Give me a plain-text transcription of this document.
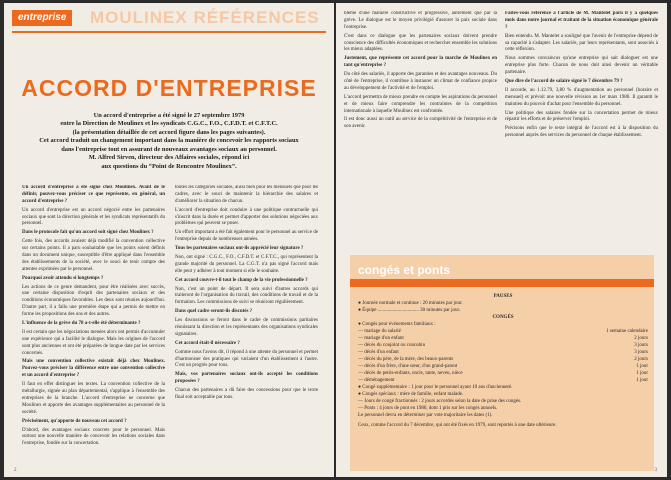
MOULINEX RÉFÉRENCES
entreprise
ACCORD D'ENTREPRISE

Un accord d'entreprise a été signé le 27 septembre 1979

entre la Direction de Moulinex et les syndicats C.G.C., F.O., C.F.D.T. et C.F.T.C.

(la présentation détaillée de cet accord figure dans les pages suivantes).

Cet accord traduit un changement important dans la manière de concevoir les rapports sociaux

dans l'entreprise tout en assurant de nouveaux avantages sociaux au personnel.

M. Alfred Sirven, directeur des Affaires sociales, répond ici

aux questions du “Point de Rencontre Moulinex”.

Un accord d'entreprise a été signé chez Moulinex. Avant de le définir, pouvez-vous préciser ce que représente, en général, un accord d'entreprise ?

Un accord d'entreprise est un accord négocié entre les partenaires sociaux que sont la direction générale et les syndicats représentatifs du personnel.

Dans le protocole fait qu'un accord soit signé chez Moulinex ?

Cette fois, des accords avaient déjà modifié la convention collective sur certains points. Il a paru souhaitable que les points soient définis dans un document unique, susceptible d'être appliqué dans l'ensemble des établissements de la société, avec le souci de tenir compte des attentes exprimées par le personnel.

Pourquoi avoir attendu si longtemps ?

Les actions de ce genre demandent, pour être réalisées avec succès, une certaine disposition d'esprit des partenaires sociaux et des conditions économiques favorables. Les deux sont réunies aujourd'hui. D'autre part, il a fallu une première étape qui a permis de mettre en forme les propositions des uns et des autres.

L'influence de la grève du 78 a-t-elle été déterminante ?

Il est certain que les négociations menées alors ont permis d'accumuler une expérience qui a facilité le dialogue. Mais les origines de l'accord sont plus anciennes et ont été préparées de longue date par les services concernés.

Mais une convention collective existait déjà chez Moulinex. Pouvez-vous préciser la différence entre une convention collective et un accord d'entreprise ?

Il faut en effet distinguer les textes. La convention collective de la métallurgie, signée au plan départemental, s'applique à l'ensemble des entreprises de la branche. L'accord d'entreprise ne concerne que Moulinex et apporte des avantages supplémentaires au personnel de la société.

Précisément, qu'apporte de nouveau cet accord ?

D'abord, des avantages sociaux concrets pour le personnel. Mais surtout une nouvelle manière de concevoir les relations sociales dans l'entreprise, fondée sur la concertation.

toutes les catégories sociales, aussi bien pour les mensuels que pour les cadres, avec le souci de maintenir la hiérarchie des salaires et d'améliorer la situation de chacun.

L'accord d'entreprise doit conduire à une politique contractuelle qui s'inscrit dans la durée et permet d'apporter des solutions négociées aux problèmes qui peuvent se poser.

Un effort important a été fait également pour le personnel au service de l'entreprise depuis de nombreuses années.

Tous les partenaires sociaux ont-ils apprécié leur signature ?

Non, ont signé : C.G.C., F.O., C.F.D.T. et C.F.T.C., qui représentent la grande majorité du personnel. La C.G.T. n'a pas signé l'accord mais elle peut y adhérer à tout moment si elle le souhaite.

Cet accord couvre-t-il tout le champ de la vie professionnelle ?

Non, c'est un point de départ. Il sera suivi d'autres accords qui traiteront de l'organisation du travail, des conditions de travail et de la formation. Les commissions de suivi se réuniront régulièrement.

Dans quel cadre seront-ils discutés ?

Les discussions se feront dans le cadre de commissions paritaires réunissant la direction et les représentants des organisations syndicales signataires.

Cet accord était-il nécessaire ?

Comme nous l'avons dit, il répond à une attente du personnel et permet d'harmoniser des pratiques qui variaient d'un établissement à l'autre. C'est un progrès pour tous.

Mais, vos partenaires sociaux ont-ils accepté les conditions proposées ?

Chacun des partenaires a dû faire des concessions pour que le texte final soit acceptable par tous.

2

blème d'une manière constructive et progressive, autrement que par la grève. Le dialogue est le moyen privilégié d'assurer la paix sociale dans l'entreprise.

C'est dans ce dialogue que les partenaires sociaux doivent prendre conscience des difficultés économiques et rechercher ensemble les solutions les mieux adaptées.

Justement, que représente cet accord pour la marche de Moulinex en tant qu'entreprise ?

Du côté des salariés, il apporte des garanties et des avantages nouveaux. Du côté de l'entreprise, il contribue à instaurer un climat de confiance propice au développement de l'activité et de l'emploi.

L'accord permettra de mieux prendre en compte les aspirations du personnel et de mieux faire comprendre les contraintes de la compétition internationale à laquelle Moulinex est confrontée.

Il est donc aussi un outil au service de la compétitivité de l'entreprise et de son avenir.

Faites-vous référence à l'article de M. Mantelet paru il y a quelques mois dans notre journal et traitant de la situation économique générale ?

Bien entendu. M. Mantelet a souligné que l'avenir de l'entreprise dépend de sa capacité à s'adapter. Les salariés, par leurs représentants, sont associés à cette réflexion.

Nous sommes convaincus qu'une entreprise qui sait dialoguer est une entreprise plus forte. Chacun de nous doit ainsi devenir un véritable partenaire.

Que dire de l'accord de salaire signé le 7 décembre 79 ?

Il accorde, au 1.12.79, 3,80 % d'augmentation au personnel (horaire et mensuel) et prévoit une nouvelle révision au 1er mars 1980. Il garantit le maintien du pouvoir d'achat pour l'ensemble du personnel.

Une politique des salaires fondée sur la concertation permet de mieux répartir les efforts et de préserver l'emploi.

Précisons enfin que le texte intégral de l'accord est à la disposition du personnel auprès des services du personnel de chaque établissement.

congés et ponts

PAUSES

● Journée normale et continue : 20 minutes par jour.

● Équipe ................................. 30 minutes par jour.

CONGÉS

● Congés pour événements familiaux :

— mariage du salarié	1 semaine calendaire
— mariage d'un enfant	2 jours
— décès du conjoint ou concubin	3 jours
— décès d'un enfant	3 jours
— décès du père, de la mère, des beaux-parents	2 jours
— décès d'un frère, d'une sœur, d'un grand-parent	1 jour
— décès de petits-enfants, oncle, tante, neveu, nièce	1 jour
— déménagement	1 jour

● Congé supplémentaire : 1 jour pour le personnel ayant 10 ans d'ancienneté.

● Congés spéciaux : mère de famille, enfant malade.

— Jours de congé fractionnés : 2 jours accordés selon la date de prise des congés.

— Ponts : 4 jours de pont en 1980, dont 1 pris sur les congés annuels.

Le personnel devra en déterminer par vote majoritaire les dates (1).

Ceux, comme l'accord du 7 décembre, qui ont été fixés en 1979, sont reportés à une date ultérieure.

3
